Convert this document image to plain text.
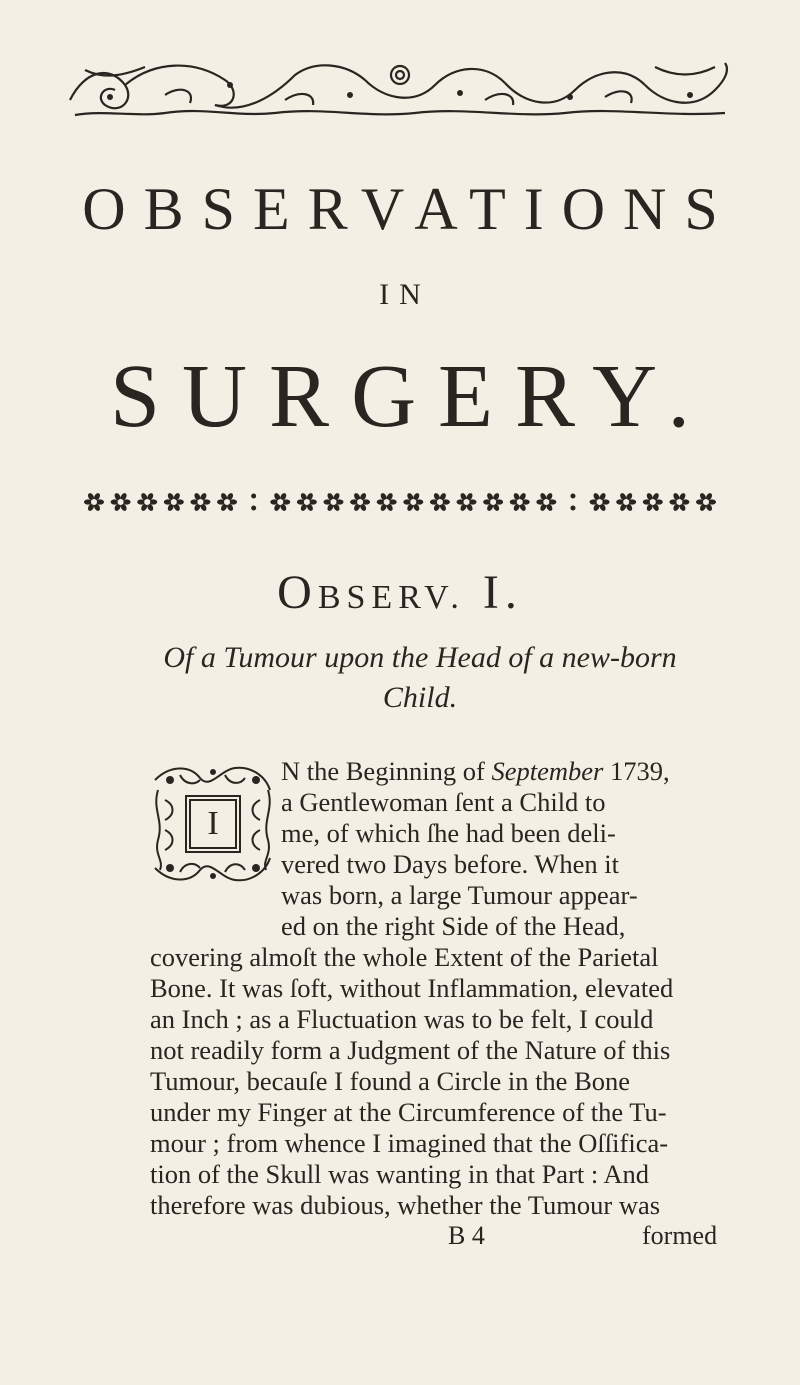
OBSERVATIONS
IN
SURGERY.
OBSERV. I.
Of a Tumour upon the Head of a new-born
Child.
I
N the Beginning of September 1739,
a Gentlewoman ſent a Child to
me, of which ſhe had been deli-
vered two Days before. When it
was born, a large Tumour appear-
ed on the right Side of the Head,
covering almoſt the whole Extent of the Parietal
Bone. It was ſoft, without Inflammation, elevated
an Inch ; as a Fluctuation was to be felt, I could
not readily form a Judgment of the Nature of this
Tumour, becauſe I found a Circle in the Bone
under my Finger at the Circumference of the Tu-
mour ; from whence I imagined that the Oſſifica-
tion of the Skull was wanting in that Part : And
therefore was dubious, whether the Tumour was
B 4	formed
